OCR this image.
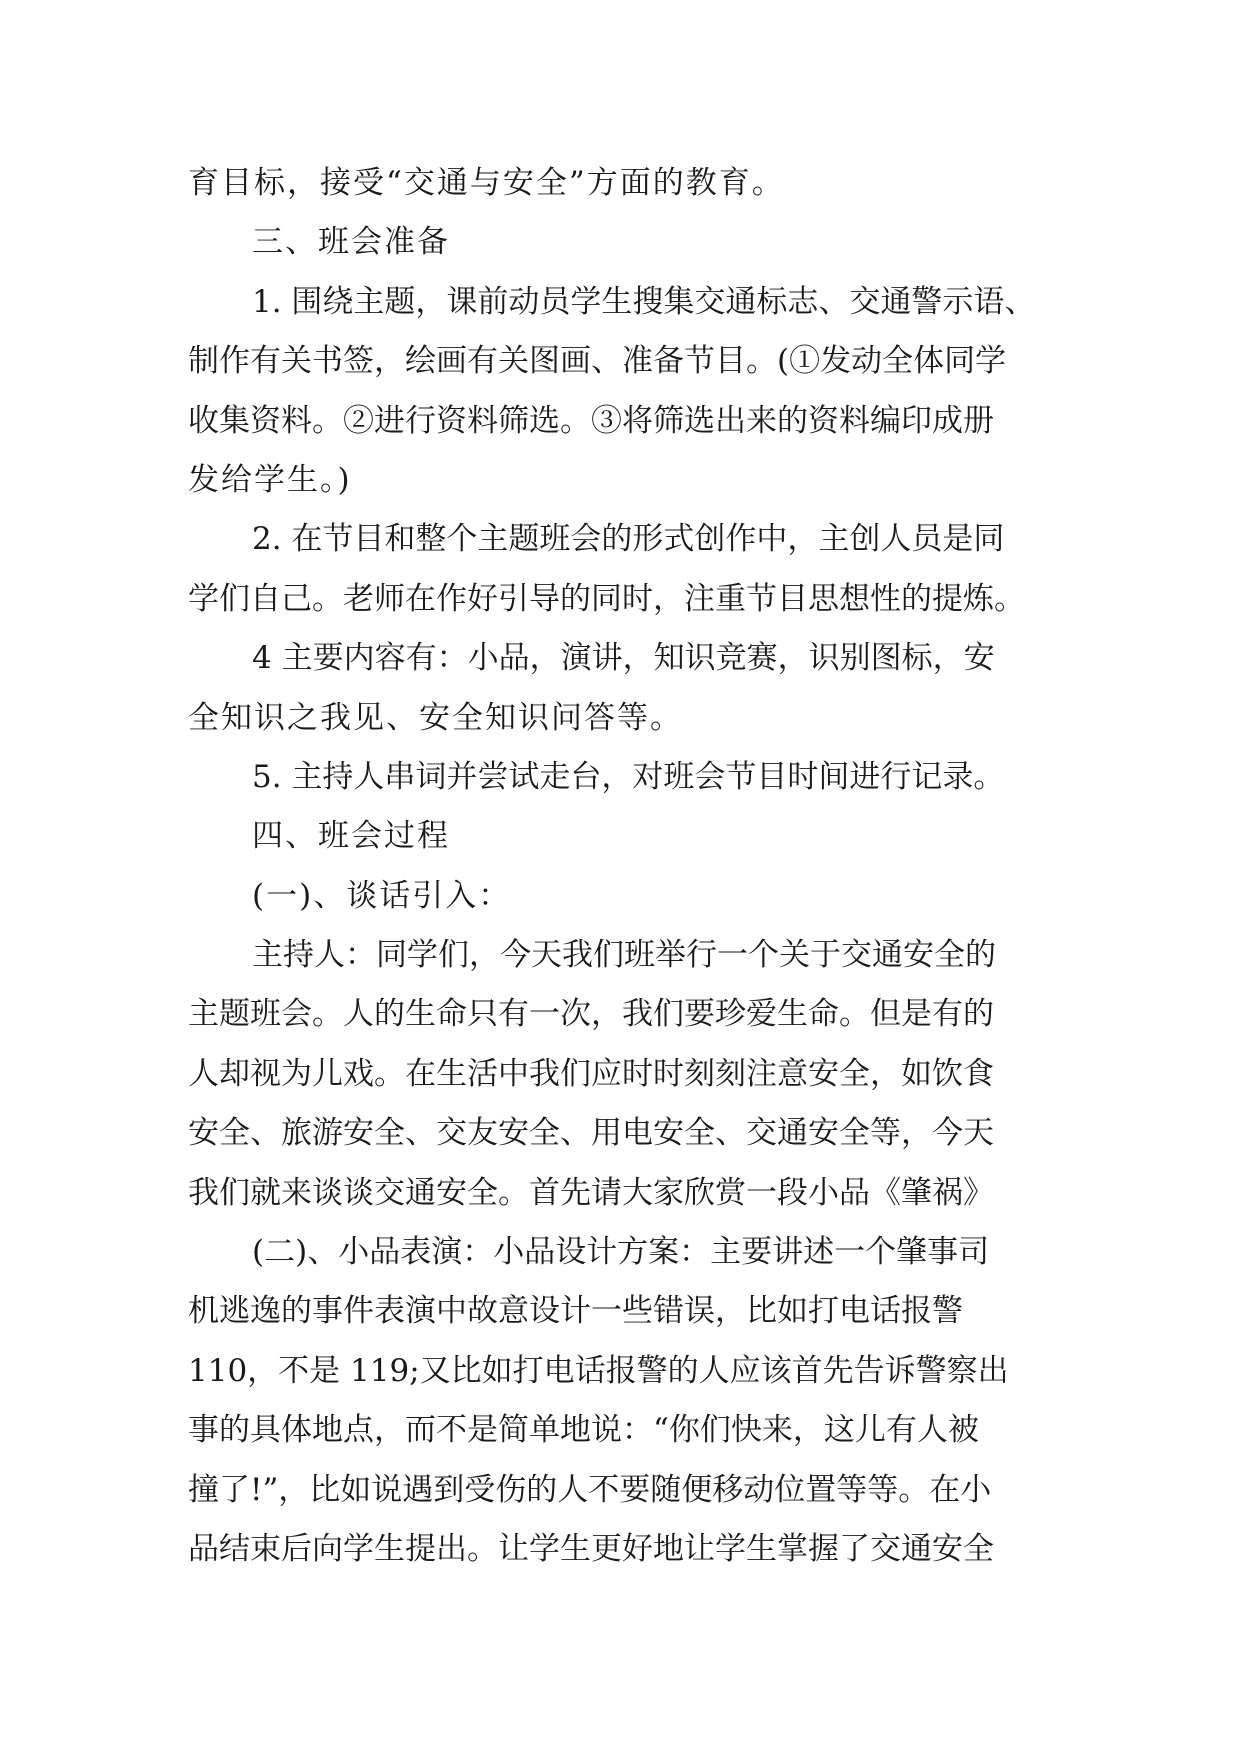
育目标，接受“交通与安全”方面的教育。
三、班会准备
1. 围绕主题，课前动员学生搜集交通标志、交通警示语、
制作有关书签，绘画有关图画、准备节目。(①发动全体同学
收集资料。②进行资料筛选。③将筛选出来的资料编印成册
发给学生。)
2. 在节目和整个主题班会的形式创作中，主创人员是同
学们自己。老师在作好引导的同时，注重节目思想性的提炼。
4 主要内容有：小品，演讲，知识竞赛，识别图标，安
全知识之我见、安全知识问答等。
5. 主持人串词并尝试走台，对班会节目时间进行记录。
四、班会过程
(一)、谈话引入：
主持人：同学们，今天我们班举行一个关于交通安全的
主题班会。人的生命只有一次，我们要珍爱生命。但是有的
人却视为儿戏。在生活中我们应时时刻刻注意安全，如饮食
安全、旅游安全、交友安全、用电安全、交通安全等，今天
我们就来谈谈交通安全。首先请大家欣赏一段小品《肇祸》
(二)、小品表演：小品设计方案：主要讲述一个肇事司
机逃逸的事件表演中故意设计一些错误，比如打电话报警
110，不是 119;又比如打电话报警的人应该首先告诉警察出
事的具体地点，而不是简单地说：“你们快来，这儿有人被
撞了!”，比如说遇到受伤的人不要随便移动位置等等。在小
品结束后向学生提出。让学生更好地让学生掌握了交通安全
